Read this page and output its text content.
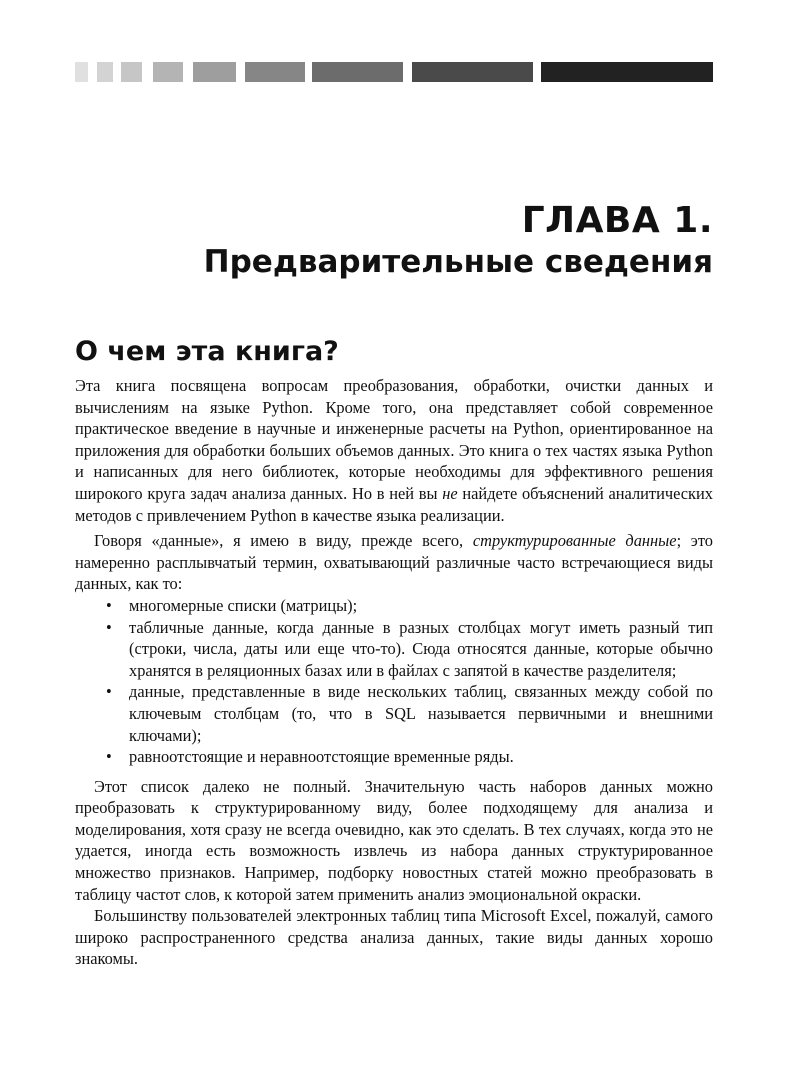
ГЛАВА 1.
Предварительные сведения
О чем эта книга?

Эта книга посвящена вопросам преобразования, обработки, очистки данных и вычислениям на языке Python. Кроме того, она представляет собой современное практическое введение в научные и инженерные расчеты на Python, ориентированное на приложения для обработки больших объемов данных. Это книга о тех частях языка Python и написанных для него библиотек, которые необходимы для эффективного решения широкого круга задач анализа данных. Но в ней вы не найдете объяснений аналитических методов с привлечением Python в качестве языка реализации.

Говоря «данные», я имею в виду, прежде всего, структурированные данные; это намеренно расплывчатый термин, охватывающий различные часто встречающиеся виды данных, как то:

• многомерные списки (матрицы);
• табличные данные, когда данные в разных столбцах могут иметь разный тип (строки, числа, даты или еще что-то). Сюда относятся данные, которые обычно хранятся в реляционных базах или в файлах с запятой в качестве разделителя;
• данные, представленные в виде нескольких таблиц, связанных между собой по ключевым столбцам (то, что в SQL называется первичными и внешними ключами);
• равноотстоящие и неравноотстоящие временные ряды.

Этот список далеко не полный. Значительную часть наборов данных можно преобразовать к структурированному виду, более подходящему для анализа и моделирования, хотя сразу не всегда очевидно, как это сделать. В тех случаях, когда это не удается, иногда есть возможность извлечь из набора данных структурированное множество признаков. Например, подборку новостных статей можно преобразовать в таблицу частот слов, к которой затем применить анализ эмоциональной окраски.

Большинству пользователей электронных таблиц типа Microsoft Excel, пожалуй, самого широко распространенного средства анализа данных, такие виды данных хорошо знакомы.
